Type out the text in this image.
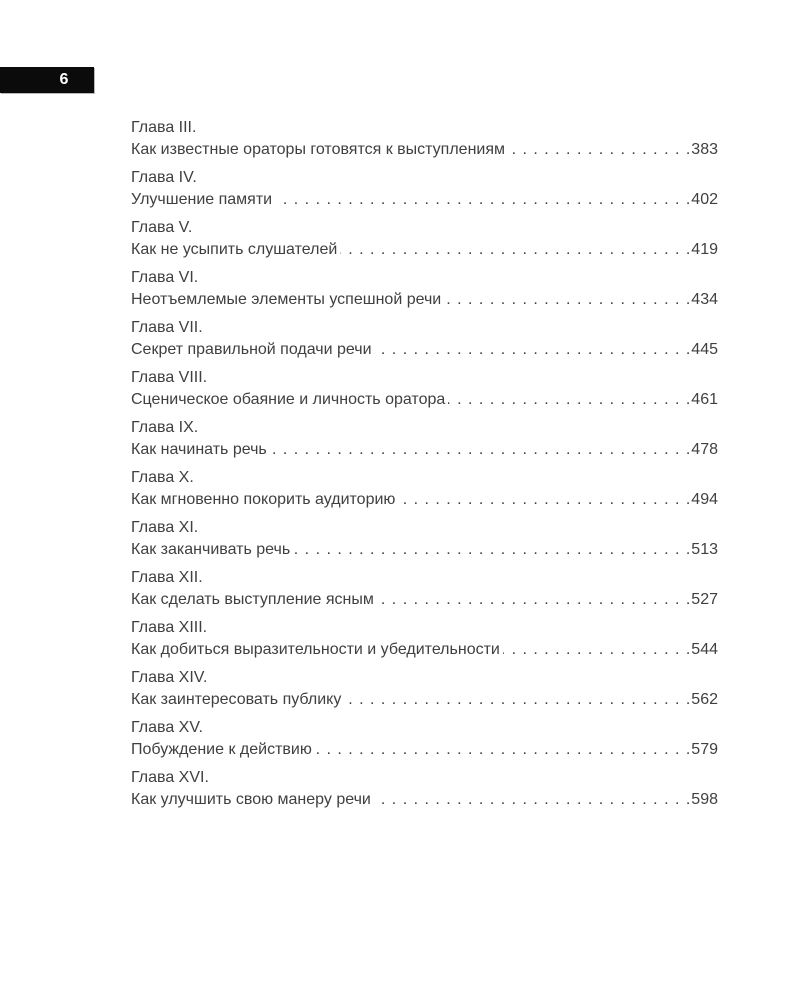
6
Глава III.
Как известные ораторы готовятся к выступлениям . . .	383
Глава IV.
Улучшение памяти . . .	402
Глава V.
Как не усыпить слушателей . . .	419
Глава VI.
Неотъемлемые элементы успешной речи . . .	434
Глава VII.
Секрет правильной подачи речи . . .	445
Глава VIII.
Сценическое обаяние и личность оратора . . .	461
Глава IX.
Как начинать речь . . .	478
Глава X.
Как мгновенно покорить аудиторию . . .	494
Глава XI.
Как заканчивать речь . . .	513
Глава XII.
Как сделать выступление ясным . . .	527
Глава XIII.
Как добиться выразительности и убедительности . . .	544
Глава XIV.
Как заинтересовать публику . . .	562
Глава XV.
Побуждение к действию . . .	579
Глава XVI.
Как улучшить свою манеру речи . . .	598
